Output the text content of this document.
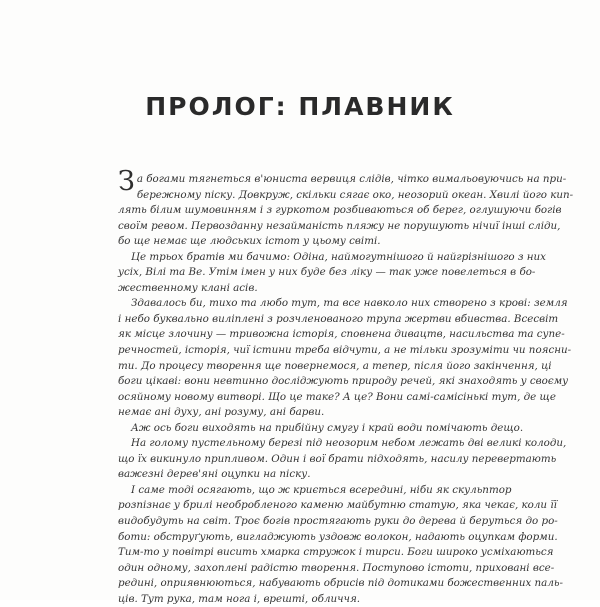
ПРОЛОГ: ПЛАВНИК
За богами тягнеться в'юнистa вервиця слідів, чітко вимальовуючись на при-
бережному піску. Довкруж, скільки сягає око, неозорий океан. Хвилі його кип-
лять білим шумовинням і з гуркотом розбиваються об берег, оглушуючи богів
своїм ревом. Первозданну незайманість пляжу не порушують нічиї інші сліди,
бо ще немає ще людських істот у цьому світі.
Це трьох братів ми бачимо: Одіна, наймогутнішого й найгрізнішого з них
усіх, Вілі та Ве. Утім імен у них буде без ліку — так уже повелеться в бо-
жественному клані асів.
Здавалось би, тихо та любо тут, та все навколо них створено з крові: земля
і небо буквально виліплені з розчленованого трупа жертви вбивства. Всесвіт
як місце злочину — тривожна історія, сповнена дивацтв, насильства та супе-
речностей, історія, чиї істини треба відчути, а не тільки зрозуміти чи поясни-
ти. До процесу творення ще повернемося, а тепер, після його закінчення, ці
боги цікаві: вони невтинно досліджують природу речей, які знаходять у своєму
осяйному новому витворі. Що це таке? А це? Вони самі-самісінькі тут, де ще
немає ані духу, ані розуму, ані барви.
Аж ось боги виходять на прибійну смугу і край води помічають дещо.
На голому пустельному березі під неозорим небом лежать дві великі колоди,
що їх викинуло припливом. Один і вої брати підходять, насилу перевертають
важезні дерев'яні оцупки на піску.
І саме тоді осягають, що ж криється всередині, ніби як скульптор
розпізнає у брилі необробленого каменю майбутню статую, яка чекає, коли її
видобудуть на світ. Троє богів простягають руки до дерева й беруться до ро-
боти: обструґують, вигладжують уздовж волокон, надають оцупкам форми.
Тим-то у повітрі висить хмарка стружок і тирси. Боги широко усміхаються
один одному, захоплені радістю творення. Поступово істоти, приховані все-
редині, оприявнюються, набувають обрисів під дотиками божественних паль-
ців. Тут рука, там нога і, врешті, обличчя.
